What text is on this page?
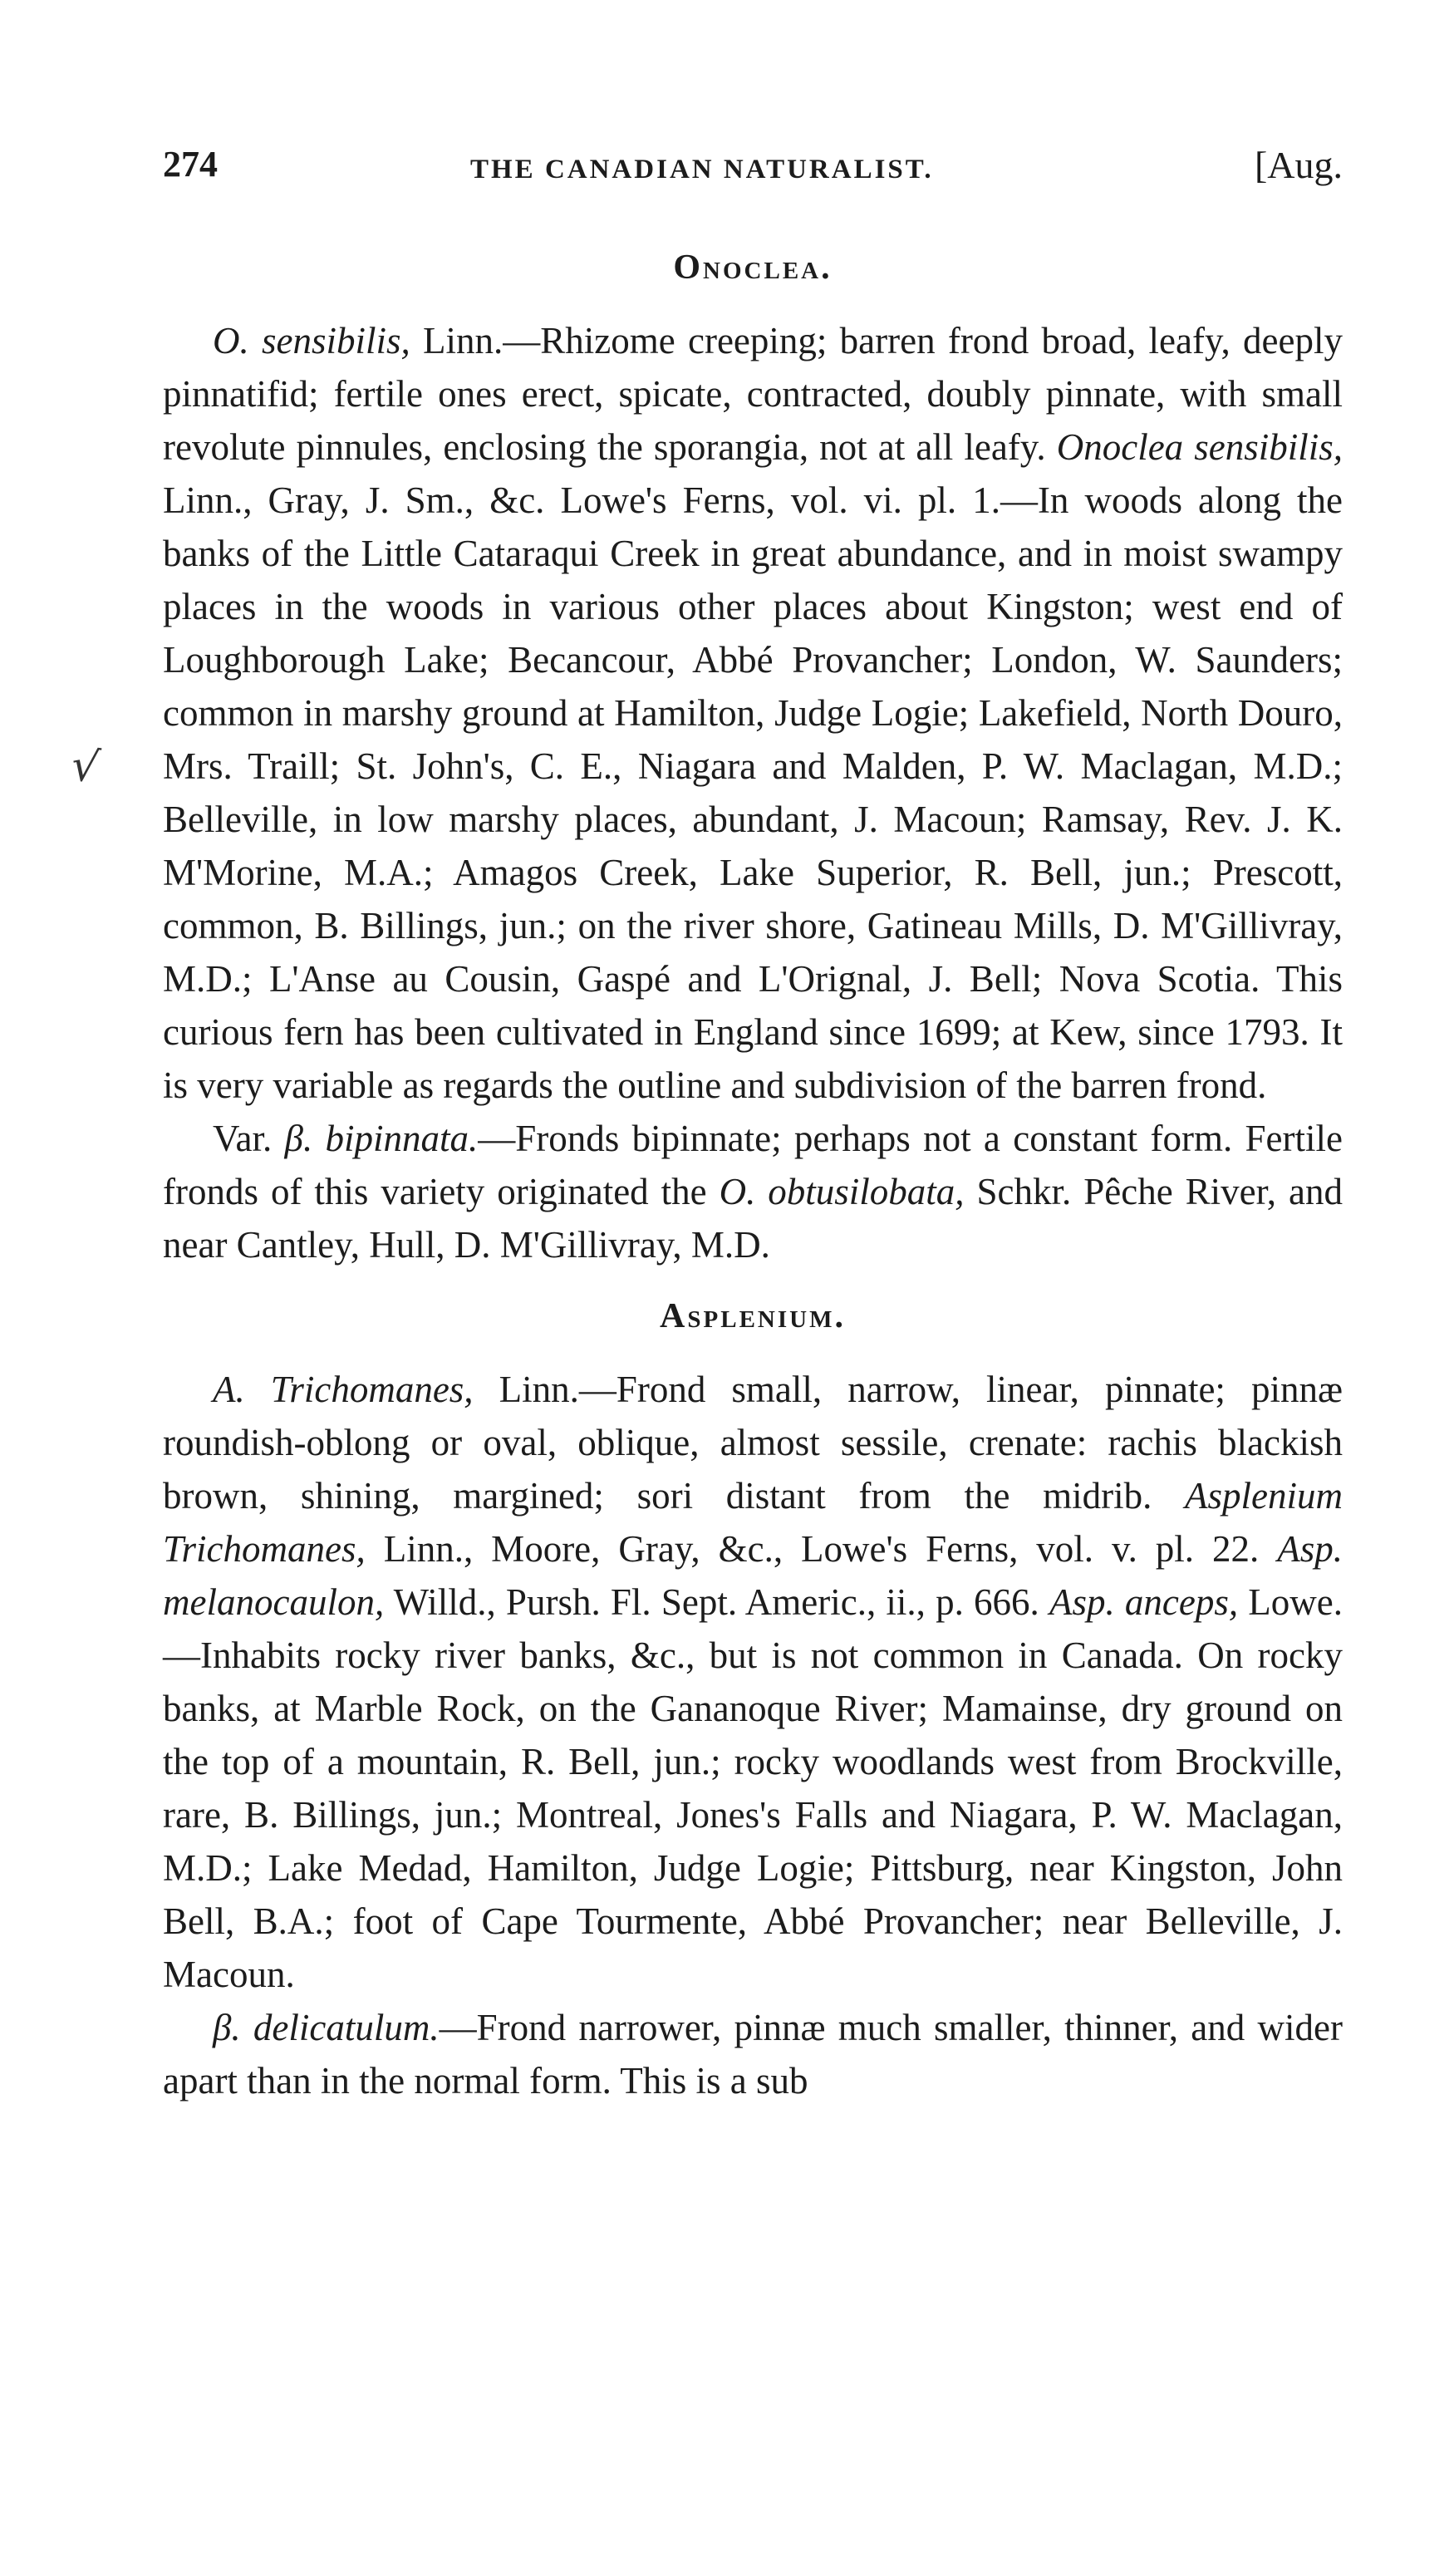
274	THE CANADIAN NATURALIST.	[Aug.
√
Onoclea.

O. sensibilis, Linn.—Rhizome creeping; barren frond broad, leafy, deeply pinnatifid; fertile ones erect, spicate, contracted, doubly pinnate, with small revolute pinnules, enclosing the sporangia, not at all leafy. Onoclea sensibilis, Linn., Gray, J. Sm., &c. Lowe's Ferns, vol. vi. pl. 1.—In woods along the banks of the Little Cataraqui Creek in great abundance, and in moist swampy places in the woods in various other places about Kingston; west end of Loughborough Lake; Becancour, Abbé Provancher; London, W. Saunders; common in marshy ground at Hamilton, Judge Logie; Lakefield, North Douro, Mrs. Traill; St. John's, C. E., Niagara and Malden, P. W. Maclagan, M.D.; Belleville, in low marshy places, abundant, J. Macoun; Ramsay, Rev. J. K. M'Morine, M.A.; Amagos Creek, Lake Superior, R. Bell, jun.; Prescott, common, B. Billings, jun.; on the river shore, Gatineau Mills, D. M'Gillivray, M.D.; L'Anse au Cousin, Gaspé and L'Orignal, J. Bell; Nova Scotia. This curious fern has been cultivated in England since 1699; at Kew, since 1793. It is very variable as regards the outline and subdivision of the barren frond.

Var. β. bipinnata.—Fronds bipinnate; perhaps not a constant form. Fertile fronds of this variety originated the O. obtusilobata, Schkr. Pêche River, and near Cantley, Hull, D. M'Gillivray, M.D.

Asplenium.

A. Trichomanes, Linn.—Frond small, narrow, linear, pinnate; pinnæ roundish-oblong or oval, oblique, almost sessile, crenate: rachis blackish brown, shining, margined; sori distant from the midrib. Asplenium Trichomanes, Linn., Moore, Gray, &c., Lowe's Ferns, vol. v. pl. 22. Asp. melanocaulon, Willd., Pursh. Fl. Sept. Americ., ii., p. 666. Asp. anceps, Lowe.—Inhabits rocky river banks, &c., but is not common in Canada. On rocky banks, at Marble Rock, on the Gananoque River; Mamainse, dry ground on the top of a mountain, R. Bell, jun.; rocky woodlands west from Brockville, rare, B. Billings, jun.; Montreal, Jones's Falls and Niagara, P. W. Maclagan, M.D.; Lake Medad, Hamilton, Judge Logie; Pittsburg, near Kingston, John Bell, B.A.; foot of Cape Tourmente, Abbé Provancher; near Belleville, J. Macoun.

β. delicatulum.—Frond narrower, pinnæ much smaller, thinner, and wider apart than in the normal form. This is a sub
